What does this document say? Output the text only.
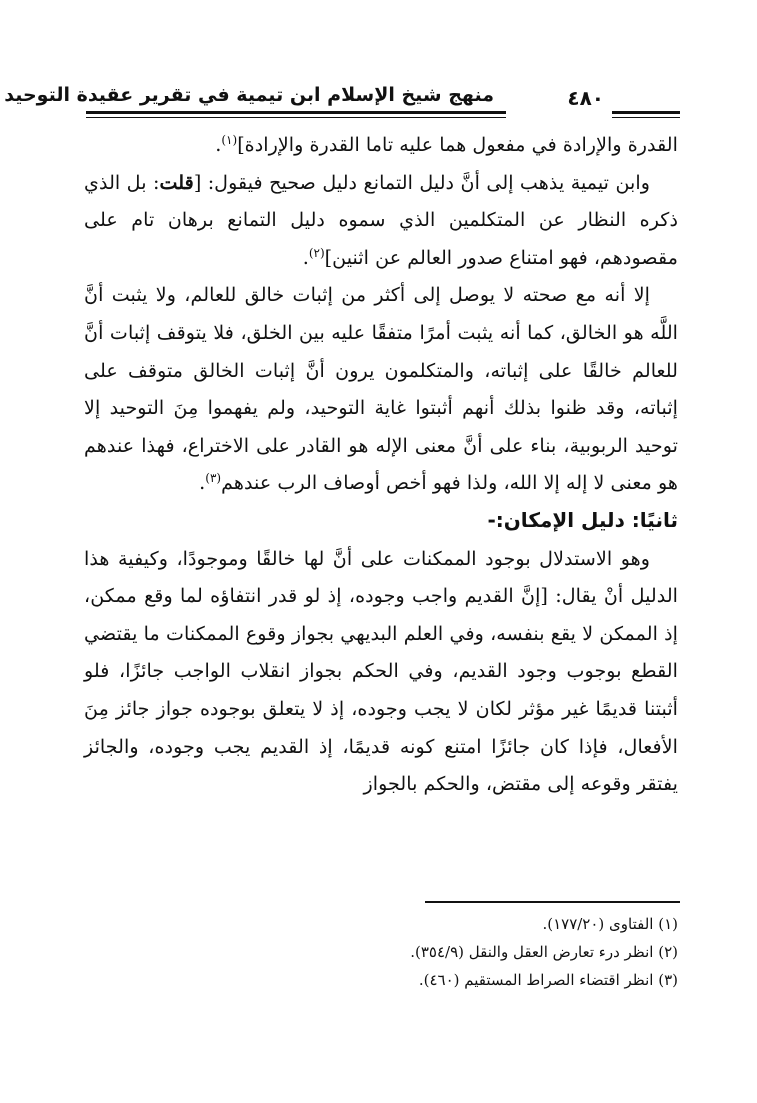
منهج شيخ الإسلام ابن تيمية في تقرير عقيدة التوحيد	٤٨٠

القدرة والإرادة في مفعول هما عليه تاما القدرة والإرادة]$^{(١)}$.

وابن تيمية يذهب إلى أنَّ دليل التمانع دليل صحيح فيقول: [قلت: بل الذي ذكره النظار عن المتكلمين الذي سموه دليل التمانع برهان تام على مقصودهم، فهو امتناع صدور العالم عن اثنين]$^{(٢)}$.

إلا أنه مع صحته لا يوصل إلى أكثر من إثبات خالق للعالم، ولا يثبت أنَّ اللَّه هو الخالق، كما أنه يثبت أمرًا متفقًا عليه بين الخلق، فلا يتوقف إثبات أنَّ للعالم خالقًا على إثباته، والمتكلمون يرون أنَّ إثبات الخالق متوقف على إثباته، وقد ظنوا بذلك أنهم أثبتوا غاية التوحيد، ولم يفهموا مِنَ التوحيد إلا توحيد الربوبية، بناء على أنَّ معنى الإله هو القادر على الاختراع، فهذا عندهم هو معنى لا إله إلا الله، ولذا فهو أخص أوصاف الرب عندهم$^{(٣)}$.

ثانيًا: دليل الإمكان:-

وهو الاستدلال بوجود الممكنات على أنَّ لها خالقًا وموجودًا، وكيفية هذا الدليل أنْ يقال: [إنَّ القديم واجب وجوده، إذ لو قدر انتفاؤه لما وقع ممكن، إذ الممكن لا يقع بنفسه، وفي العلم البديهي بجواز وقوع الممكنات ما يقتضي القطع بوجوب وجود القديم، وفي الحكم بجواز انقلاب الواجب جائزًا، فلو أثبتنا قديمًا غير مؤثر لكان لا يجب وجوده، إذ لا يتعلق بوجوده جواز جائز مِنَ الأفعال، فإذا كان جائزًا امتنع كونه قديمًا، إذ القديم يجب وجوده، والجائز يفتقر وقوعه إلى مقتض، والحكم بالجواز

(١) الفتاوى (١٧٧/٢٠).
(٢) انظر درء تعارض العقل والنقل (٣٥٤/٩).
(٣) انظر اقتضاء الصراط المستقيم (٤٦٠).
